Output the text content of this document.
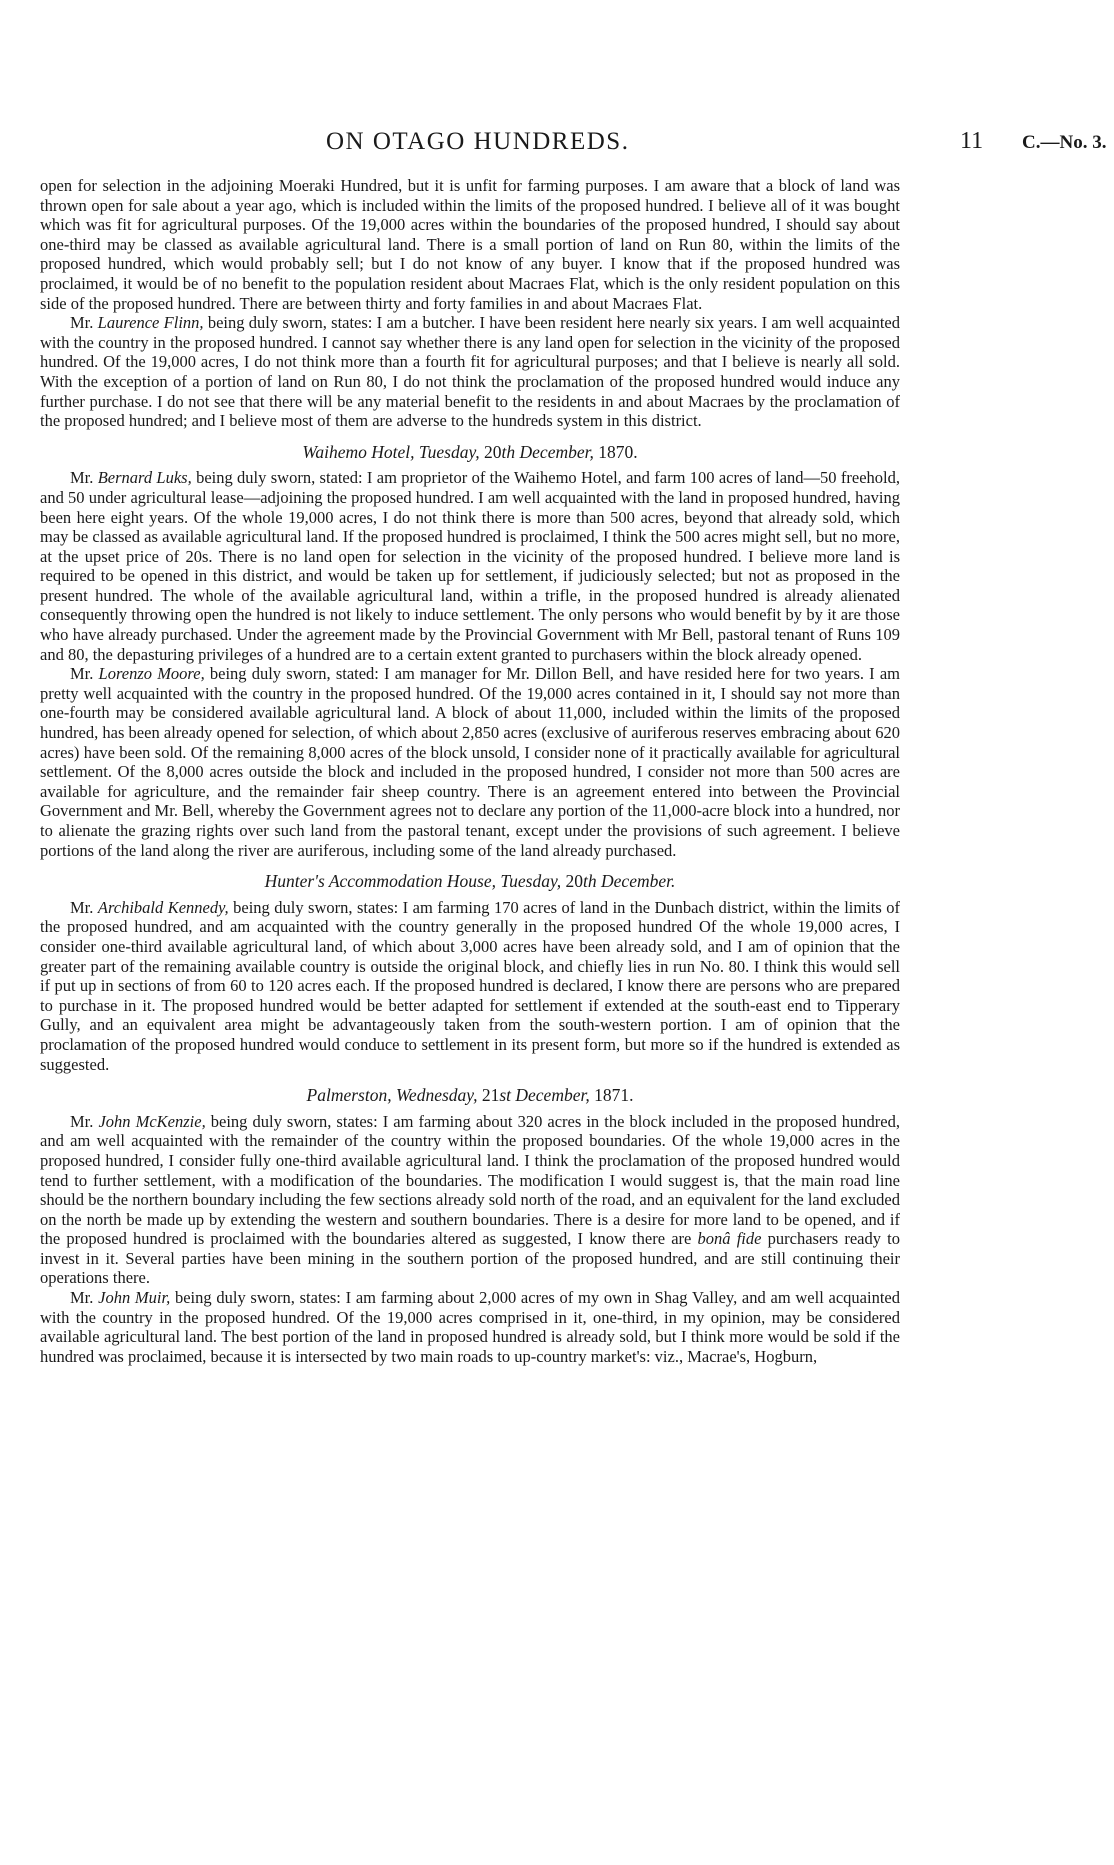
ON OTAGO HUNDREDS.	11 C.—No. 3.

open for selection in the adjoining Moeraki Hundred, but it is unfit for farming purposes. I am aware that a block of land was thrown open for sale about a year ago, which is included within the limits of the proposed hundred. I believe all of it was bought which was fit for agricultural purposes. Of the 19,000 acres within the boundaries of the proposed hundred, I should say about one-third may be classed as available agricultural land. There is a small portion of land on Run 80, within the limits of the proposed hundred, which would probably sell; but I do not know of any buyer. I know that if the proposed hundred was proclaimed, it would be of no benefit to the population resident about Macraes Flat, which is the only resident population on this side of the proposed hundred. There are between thirty and forty families in and about Macraes Flat.

Mr. Laurence Flinn, being duly sworn, states: I am a butcher. I have been resident here nearly six years. I am well acquainted with the country in the proposed hundred. I cannot say whether there is any land open for selection in the vicinity of the proposed hundred. Of the 19,000 acres, I do not think more than a fourth fit for agricultural purposes; and that I believe is nearly all sold. With the exception of a portion of land on Run 80, I do not think the proclamation of the proposed hundred would induce any further purchase. I do not see that there will be any material benefit to the residents in and about Macraes by the proclamation of the proposed hundred; and I believe most of them are adverse to the hundreds system in this district.

Waihemo Hotel, Tuesday, 20th December, 1870.

Mr. Bernard Luks, being duly sworn, stated: I am proprietor of the Waihemo Hotel, and farm 100 acres of land—50 freehold, and 50 under agricultural lease—adjoining the proposed hundred. I am well acquainted with the land in proposed hundred, having been here eight years. Of the whole 19,000 acres, I do not think there is more than 500 acres, beyond that already sold, which may be classed as available agricultural land. If the proposed hundred is proclaimed, I think the 500 acres might sell, but no more, at the upset price of 20s. There is no land open for selection in the vicinity of the proposed hundred. I believe more land is required to be opened in this district, and would be taken up for settlement, if judiciously selected; but not as proposed in the present hundred. The whole of the available agricultural land, within a trifle, in the proposed hundred is already alienated consequently throwing open the hundred is not likely to induce settlement. The only persons who would benefit by by it are those who have already purchased. Under the agreement made by the Provincial Government with Mr Bell, pastoral tenant of Runs 109 and 80, the depasturing privileges of a hundred are to a certain extent granted to purchasers within the block already opened.

Mr. Lorenzo Moore, being duly sworn, stated: I am manager for Mr. Dillon Bell, and have resided here for two years. I am pretty well acquainted with the country in the proposed hundred. Of the 19,000 acres contained in it, I should say not more than one-fourth may be considered available agricultural land. A block of about 11,000, included within the limits of the proposed hundred, has been already opened for selection, of which about 2,850 acres (exclusive of auriferous reserves embracing about 620 acres) have been sold. Of the remaining 8,000 acres of the block unsold, I consider none of it practically available for agricultural settlement. Of the 8,000 acres outside the block and included in the proposed hundred, I consider not more than 500 acres are available for agriculture, and the remainder fair sheep country. There is an agreement entered into between the Provincial Government and Mr. Bell, whereby the Government agrees not to declare any portion of the 11,000-acre block into a hundred, nor to alienate the grazing rights over such land from the pastoral tenant, except under the provisions of such agreement. I believe portions of the land along the river are auriferous, including some of the land already purchased.

Hunter's Accommodation House, Tuesday, 20th December.

Mr. Archibald Kennedy, being duly sworn, states: I am farming 170 acres of land in the Dunbach district, within the limits of the proposed hundred, and am acquainted with the country generally in the proposed hundred Of the whole 19,000 acres, I consider one-third available agricultural land, of which about 3,000 acres have been already sold, and I am of opinion that the greater part of the remaining available country is outside the original block, and chiefly lies in run No. 80. I think this would sell if put up in sections of from 60 to 120 acres each. If the proposed hundred is declared, I know there are persons who are prepared to purchase in it. The proposed hundred would be better adapted for settlement if extended at the south-east end to Tipperary Gully, and an equivalent area might be advantageously taken from the south-western portion. I am of opinion that the proclamation of the proposed hundred would conduce to settlement in its present form, but more so if the hundred is extended as suggested.

Palmerston, Wednesday, 21st December, 1871.

Mr. John McKenzie, being duly sworn, states: I am farming about 320 acres in the block included in the proposed hundred, and am well acquainted with the remainder of the country within the proposed boundaries. Of the whole 19,000 acres in the proposed hundred, I consider fully one-third available agricultural land. I think the proclamation of the proposed hundred would tend to further settlement, with a modification of the boundaries. The modification I would suggest is, that the main road line should be the northern boundary including the few sections already sold north of the road, and an equivalent for the land excluded on the north be made up by extending the western and southern boundaries. There is a desire for more land to be opened, and if the proposed hundred is proclaimed with the boundaries altered as suggested, I know there are bonâ fide purchasers ready to invest in it. Several parties have been mining in the southern portion of the proposed hundred, and are still continuing their operations there.

Mr. John Muir, being duly sworn, states: I am farming about 2,000 acres of my own in Shag Valley, and am well acquainted with the country in the proposed hundred. Of the 19,000 acres comprised in it, one-third, in my opinion, may be considered available agricultural land. The best portion of the land in proposed hundred is already sold, but I think more would be sold if the hundred was proclaimed, because it is intersected by two main roads to up-country market's: viz., Macrae's, Hogburn,
